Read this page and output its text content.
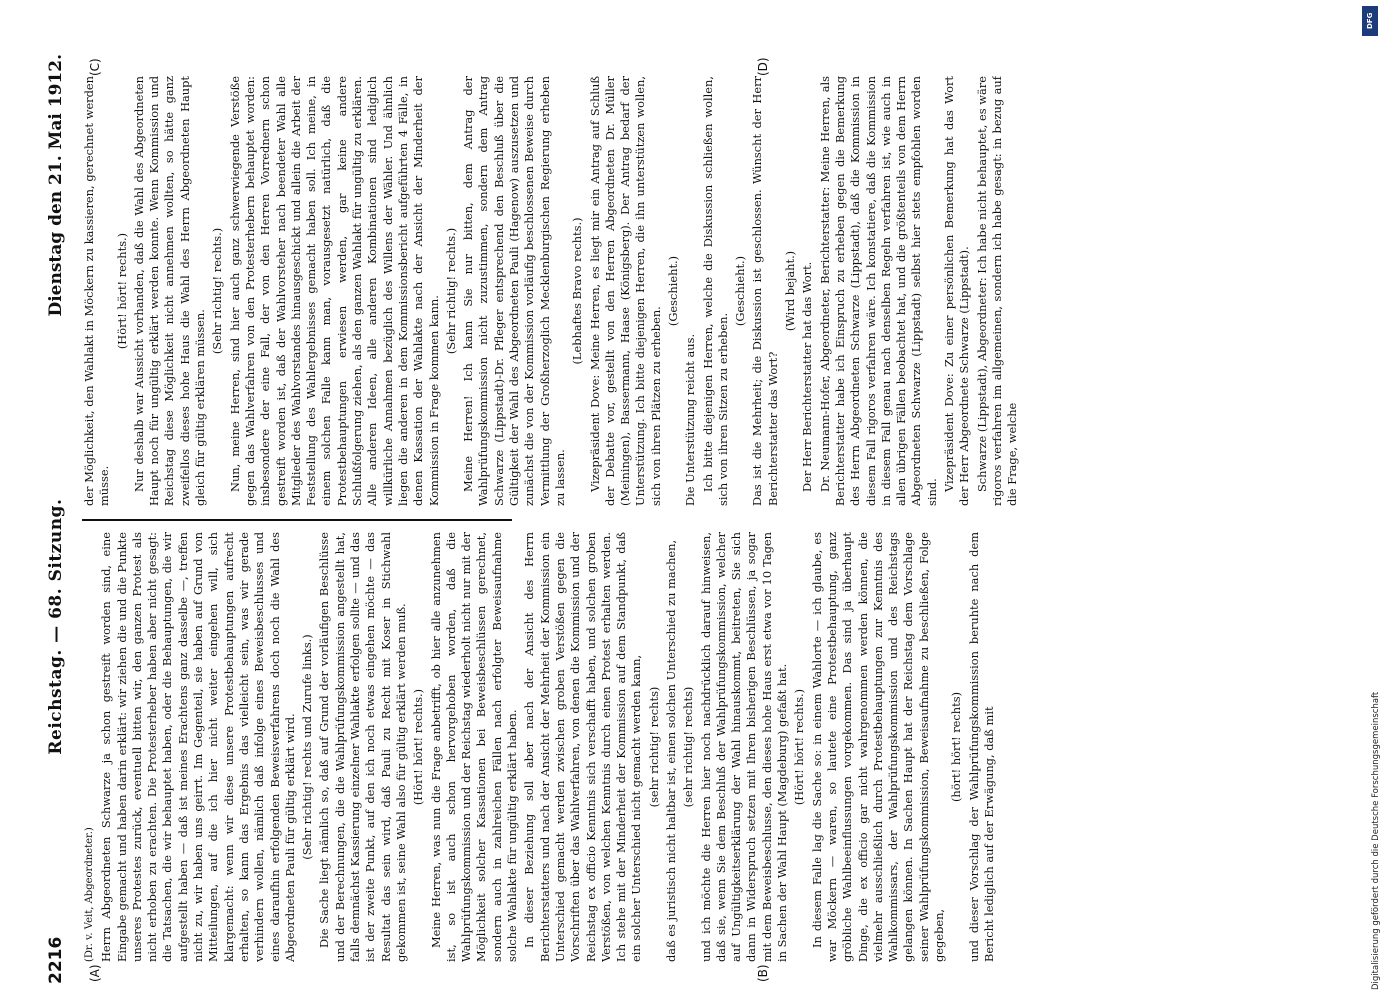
2216
Reichstag. — 68. Sitzung.
Dienstag den 21. Mai 1912.
(A)	(B)
(C)	(D)

(Dr. v. Veit, Abgeordneter.) Herrn Abgeordneten Schwarze ja schon gestreift worden sind, eine Eingabe gemacht und haben darin erklärt: wir ziehen die und die Punkte unseres Protestes zurück, eventuell bitten wir, den ganzen Protest als nicht erhoben zu erachten. Die Protesterheber haben aber nicht gesagt: die Tatsachen, die wir behauptet haben, oder die Behauptungen, die wir aufgestellt haben — daß ist meines Erachtens ganz dasselbe —, treffen nicht zu, wir haben uns geirrt. Im Gegenteil, sie haben auf Grund von Mitteilungen, auf die ich hier nicht weiter eingehen will, sich klargemacht: wenn wir diese unsere Protestbehauptungen aufrecht erhalten, so kann das Ergebnis das vielleicht sein, was wir gerade verhindern wollen, nämlich daß infolge eines Beweisbeschlusses und eines daraufhin erfolgenden Beweisverfahrens doch noch die Wahl des Abgeordneten Pauli für gültig erklärt wird. (Sehr richtig! rechts und Zurufe links.) Die Sache liegt nämlich so, daß auf Grund der vorläufigen Beschlüsse und der Berechnungen, die die Wahlprüfungskommission angestellt hat, falls demnächst Kassierung einzelner Wahlakte erfolgen sollte — und das ist der zweite Punkt, auf den ich noch etwas eingehen möchte — das Resultat das sein wird, daß Pauli zu Recht mit Koser in Stichwahl gekommen ist, seine Wahl also für gültig erklärt werden muß. (Hört! hört! rechts.) Meine Herren, was nun die Frage anbetrifft, ob hier alle anzunehmen ist, so ist auch schon hervorgehoben worden, daß die Wahlprüfungskommission und der Reichstag wiederholt nicht nur mit der Möglichkeit solcher Kassationen bei Beweisbeschlüssen gerechnet, sondern auch in zahlreichen Fällen nach erfolgter Beweisaufnahme solche Wahlakte für ungültig erklärt haben. In dieser Beziehung soll aber nach der Ansicht des Herrn Berichterstatters und nach der Ansicht der Mehrheit der Kommission ein Unterschied gemacht werden zwischen groben Verstößen gegen die Vorschriften über das Wahlverfahren, von denen die Kommission und der Reichstag ex officio Kenntnis sich verschafft haben, und solchen groben Verstößen, von welchen Kenntnis durch einen Protest erhalten werden. Ich stehe mit der Minderheit der Kommission auf dem Standpunkt, daß ein solcher Unterschied nicht gemacht werden kann, (sehr richtig! rechts) daß es juristisch nicht haltbar ist, einen solchen Unterschied zu machen, (sehr richtig! rechts) und ich möchte die Herren hier noch nachdrücklich darauf hinweisen, daß sie, wenn Sie dem Beschluß der Wahlprüfungskommission, welcher auf Ungültigkeitserklärung der Wahl hinauskommt, beitreten, Sie sich dann in Widerspruch setzen mit Ihren bisherigen Beschlüssen, ja sogar mit dem Beweisbeschlusse, den dieses hohe Haus erst etwa vor 10 Tagen in Sachen der Wahl Haupt (Magdeburg) gefaßt hat. (Hört! hört! rechts.) In diesem Falle lag die Sache so: in einem Wahlorte — ich glaube, es war Möckern — waren, so lautete eine Protestbehauptung, ganz gröbliche Wahlbeeinflussungen vorgekommen. Das sind ja überhaupt Dinge, die ex officio gar nicht wahrgenommen werden können, die vielmehr ausschließlich durch Protestbehauptungen zur Kenntnis des Wahlkommissars, der Wahlprüfungskommission und des Reichstags gelangen können. In Sachen Haupt hat der Reichstag dem Vorschlage seiner Wahlprüfungskommission, Beweisaufnahme zu beschließen, Folge gegeben,

(hört! hört! rechts) und dieser Vorschlag der Wahlprüfungskommission beruhte nach dem Bericht lediglich auf der Erwägung, daß mit

der Möglichkeit, den Wahlakt in Möckern zu kassieren, gerechnet werden müsse.

(Hört! hört! rechts.) Nur deshalb war Aussicht vorhanden, daß die Wahl des Abgeordneten Haupt noch für ungültig erklärt werden konnte. Wenn Kommission und Reichstag diese Möglichkeit nicht annehmen wollten, so hätte ganz zweifellos dieses hohe Haus die Wahl des Herrn Abgeordneten Haupt gleich für gültig erklären müssen.

(Sehr richtig! rechts.) Nun, meine Herren, sind hier auch ganz schwerwiegende Verstöße gegen das Wahlverfahren von den Protesterhebern behauptet worden: insbesondere der eine Fall, der von den Herren Vorrednern schon gestreift worden ist, daß der Wahlvorsteher nach beendeter Wahl alle Mitglieder des Wahlvorstandes hinausgeschickt und allein die Arbeit der Feststellung des Wahlergebnisses gemacht haben soll. Ich meine, in einem solchen Falle kann man, vorausgesetzt natürlich, daß die Protestbehauptungen erwiesen werden, gar keine andere Schlußfolgerung ziehen, als den ganzen Wahlakt für ungültig zu erklären. Alle anderen Ideen, alle anderen Kombinationen sind lediglich willkürliche Annahmen bezüglich des Willens der Wähler. Und ähnlich liegen die anderen in dem Kommissionsbericht aufgeführten 4 Fälle, in denen Kassation der Wahlakte nach der Ansicht der Minderheit der Kommission in Frage kommen kann.

(Sehr richtig! rechts.) Meine Herren! Ich kann Sie nur bitten, dem Antrag der Wahlprüfungskommission nicht zuzustimmen, sondern dem Antrag Schwarze (Lippstadt)-Dr. Pfleger entsprechend den Beschluß über die Gültigkeit der Wahl des Abgeordneten Pauli (Hagenow) auszusetzen und zunächst die von der Kommission vorläufig beschlossenen Beweise durch Vermittlung der Großherzoglich Mecklenburgischen Regierung erheben zu lassen.

(Lebhaftes Bravo rechts.) Vizepräsident Dove: Meine Herren, es liegt mir ein Antrag auf Schluß der Debatte vor, gestellt von den Herren Abgeordneten Dr. Müller (Meiningen), Bassermann, Haase (Königsberg). Der Antrag bedarf der Unterstützung. Ich bitte diejenigen Herren, die ihn unterstützen wollen, sich von ihren Plätzen zu erheben.

(Geschieht.)

Die Unterstützung reicht aus. Ich bitte diejenigen Herren, welche die Diskussion schließen wollen, sich von ihren Sitzen zu erheben.

(Geschieht.) Das ist die Mehrheit; die Diskussion ist geschlossen. Wünscht der Herr Berichterstatter das Wort?

(Wird bejaht.) Der Herr Berichterstatter hat das Wort. Dr. Neumann-Hofer, Abgeordneter, Berichterstatter: Meine Herren, als Berichterstatter habe ich Einspruch zu erheben gegen die Bemerkung des Herrn Abgeordneten Schwarze (Lippstadt), daß die Kommission in diesem Fall rigoros verfahren wäre. Ich konstatiere, daß die Kommission in diesem Fall genau nach denselben Regeln verfahren ist, wie auch in allen übrigen Fällen beobachtet hat, und die größtenteils von dem Herrn Abgeordneten Schwarze (Lippstadt) selbst hier stets empfohlen worden sind.

Vizepräsident Dove: Zu einer persönlichen Bemerkung hat das Wort der Herr Abgeordnete Schwarze (Lippstadt). Schwarze (Lippstadt), Abgeordneter: Ich habe nicht behauptet, es wäre rigoros verfahren im allgemeinen, sondern ich habe gesagt: in bezug auf die Frage, welche

Digitalisierung gefördert durch die Deutsche Forschungsgemeinschaft
DFG
